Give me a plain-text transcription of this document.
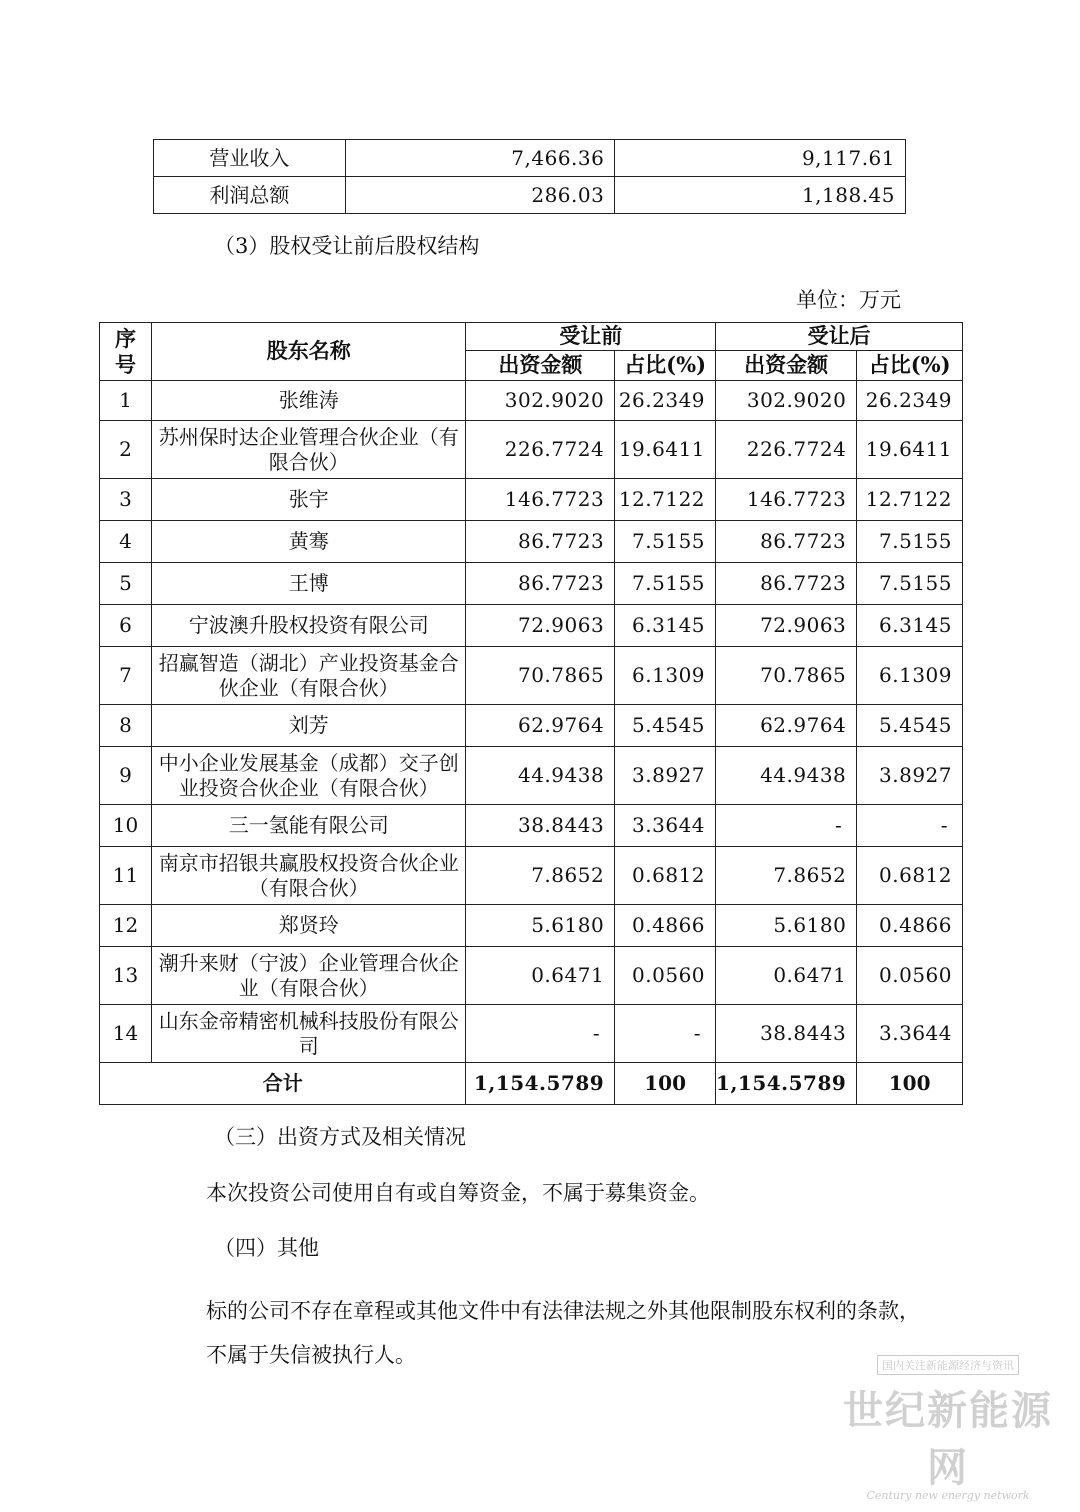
营业收入	7,466.36	9,117.61
利润总额	286.03	1,188.45
（3）股权受让前后股权结构
单位：万元
序
号	股东名称	受让前		受让后	
		出资金额	占比(%)	出资金额	占比(%)
1	张维涛	302.9020	26.2349	302.9020	26.2349
2	苏州保时达企业管理合伙企业（有限合伙）	226.7724	19.6411	226.7724	19.6411
3	张宇	146.7723	12.7122	146.7723	12.7122
4	黄骞	86.7723	7.5155	86.7723	7.5155
5	王博	86.7723	7.5155	86.7723	7.5155
6	宁波澳升股权投资有限公司	72.9063	6.3145	72.9063	6.3145
7	招赢智造（湖北）产业投资基金合伙企业（有限合伙）	70.7865	6.1309	70.7865	6.1309
8	刘芳	62.9764	5.4545	62.9764	5.4545
9	中小企业发展基金（成都）交子创业投资合伙企业（有限合伙）	44.9438	3.8927	44.9438	3.8927
10	三一氢能有限公司	38.8443	3.3644	-	-
11	南京市招银共赢股权投资合伙企业（有限合伙）	7.8652	0.6812	7.8652	0.6812
12	郑贤玲	5.6180	0.4866	5.6180	0.4866
13	潮升来财（宁波）企业管理合伙企业（有限合伙）	0.6471	0.0560	0.6471	0.0560
14	山东金帝精密机械科技股份有限公司	-	-	38.8443	3.3644
合计		1,154.5789	100	1,154.5789	100
（三）出资方式及相关情况
本次投资公司使用自有或自筹资金，不属于募集资金。
（四）其他
标的公司不存在章程或其他文件中有法律法规之外其他限制股东权利的条款，不属于失信被执行人。	国内关注新能源经济与资讯
世纪新能源网
Century new energy network
